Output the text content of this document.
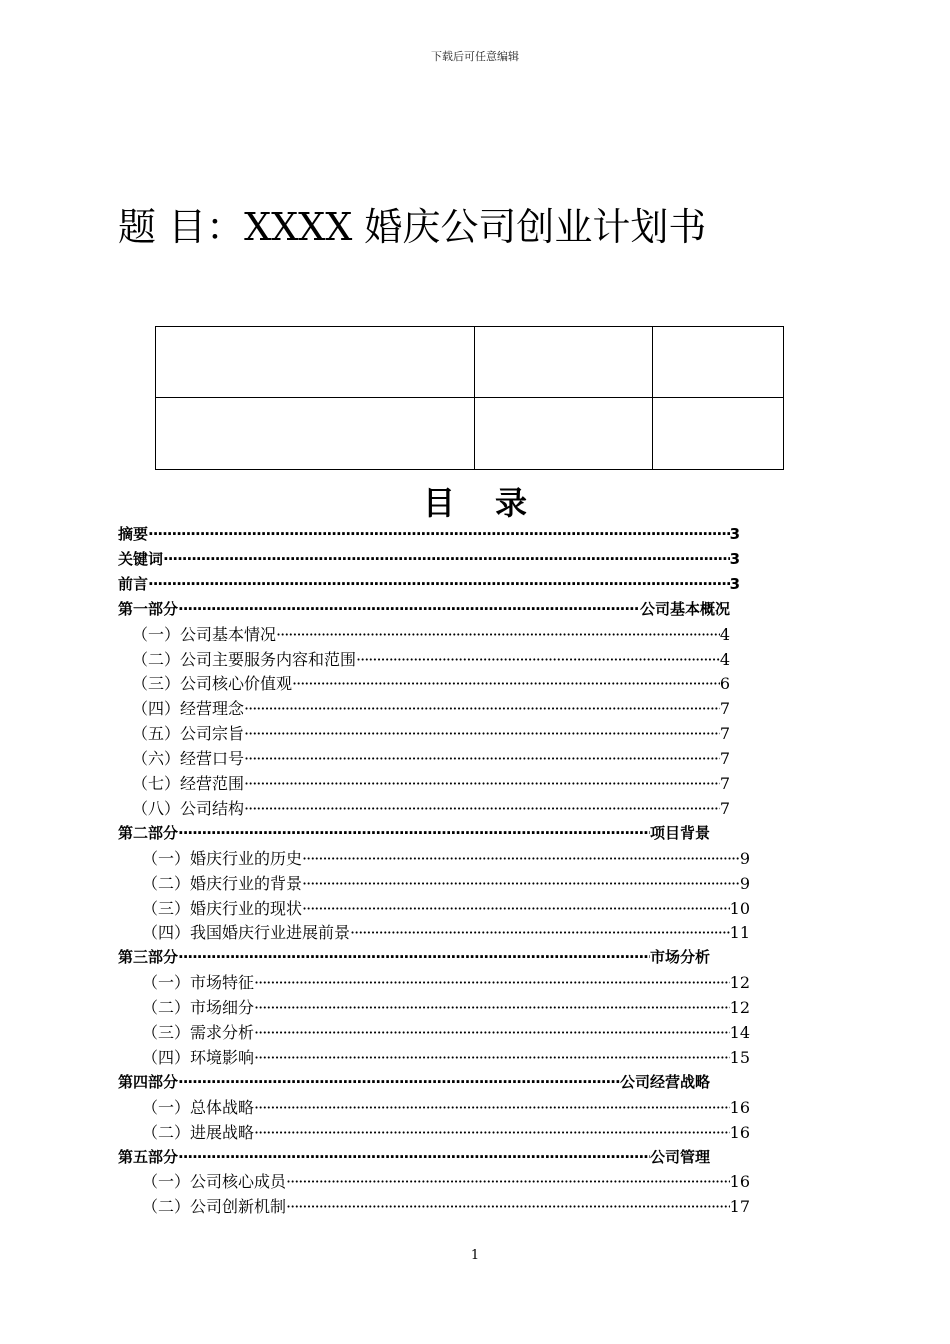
下载后可任意编辑
题 目：XXXX 婚庆公司创业计划书

目 录
摘要 ·····	3
关键词 ·····	3
前言 ·····	3
第一部分 ·····	公司基本概况
（一）公司基本情况 ·····	4
（二）公司主要服务内容和范围 ·····	4
（三）公司核心价值观 ·····	6
（四）经营理念 ·····	7
（五）公司宗旨 ·····	7
（六）经营口号 ·····	7
（七）经营范围 ·····	7
（八）公司结构 ·····	7
第二部分 ·····	项目背景
（一）婚庆行业的历史 ·····	9
（二）婚庆行业的背景 ·····	9
（三）婚庆行业的现状 ·····	10
（四）我国婚庆行业进展前景 ·····	11
第三部分 ·····	市场分析
（一）市场特征 ·····	12
（二）市场细分 ·····	12
（三）需求分析 ·····	14
（四）环境影响 ·····	15
第四部分 ·····	公司经营战略
（一）总体战略 ·····	16
（二）进展战略 ·····	16
第五部分 ·····	公司管理
（一）公司核心成员 ·····	16
（二）公司创新机制 ·····	17
1
